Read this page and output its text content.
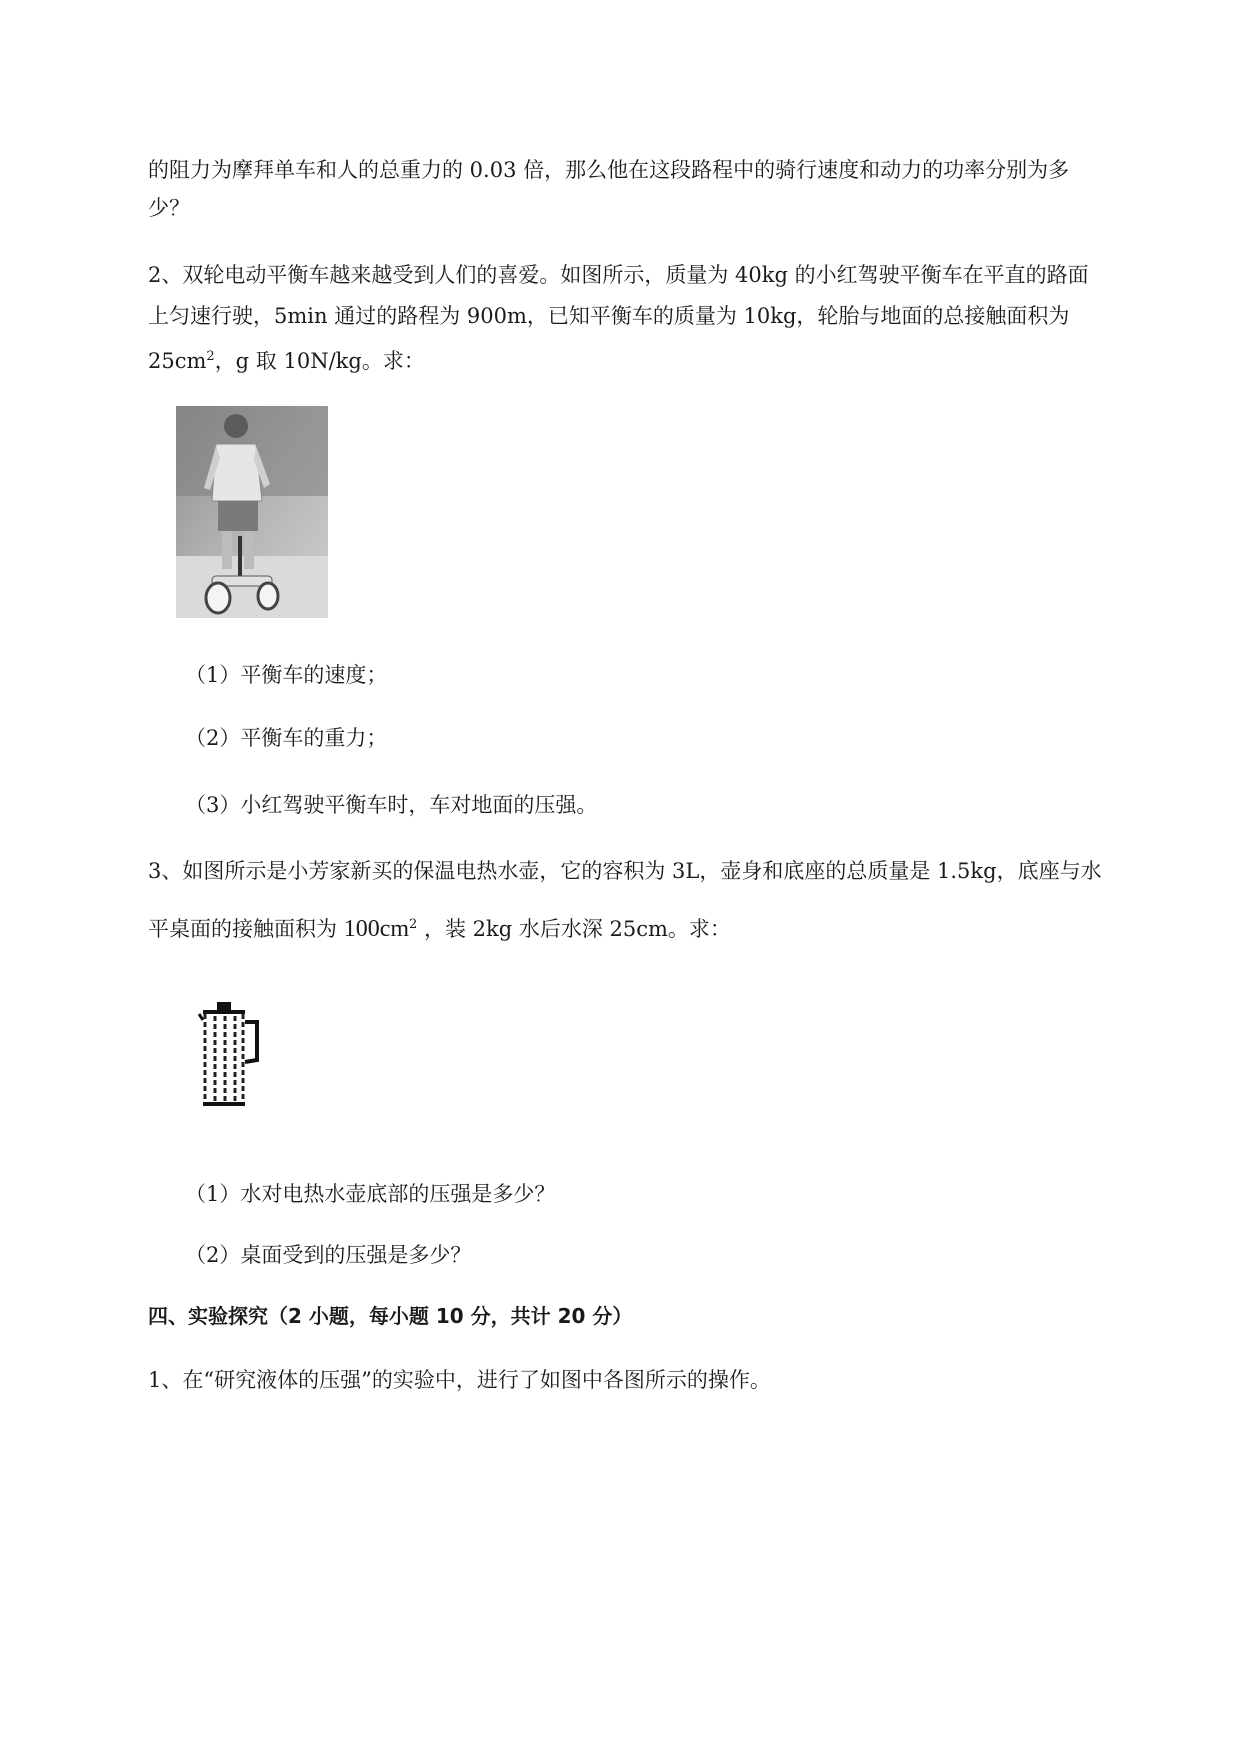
的阻力为摩拜单车和人的总重力的 0.03 倍，那么他在这段路程中的骑行速度和动力的功率分别为多
少？
2、双轮电动平衡车越来越受到人们的喜爱。如图所示，质量为 40kg 的小红驾驶平衡车在平直的路面
上匀速行驶，5min 通过的路程为 900m，已知平衡车的质量为 10kg，轮胎与地面的总接触面积为
$25cm^2$，g 取 10N/kg。求：
（1）平衡车的速度；
（2）平衡车的重力；
（3）小红驾驶平衡车时，车对地面的压强。
3、如图所示是小芳家新买的保温电热水壶，它的容积为 3L，壶身和底座的总质量是 1.5kg，底座与水
平桌面的接触面积为 $100cm^2$ ，装 2kg 水后水深 25cm。求：
（1）水对电热水壶底部的压强是多少？
（2）桌面受到的压强是多少？
四、实验探究（2 小题，每小题 10 分，共计 20 分）
1、在“研究液体的压强”的实验中，进行了如图中各图所示的操作。
